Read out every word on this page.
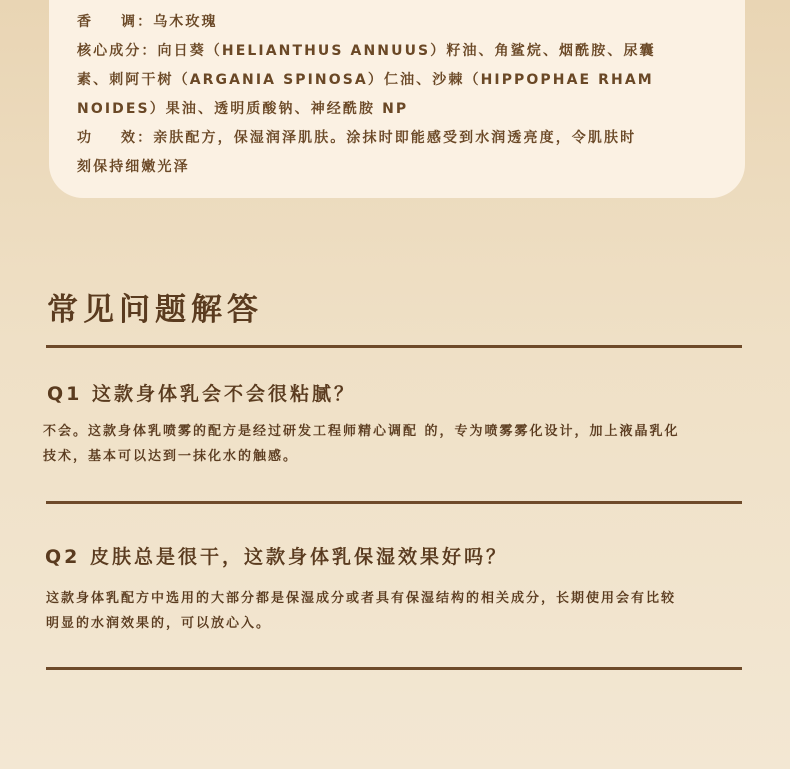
香    调：乌木玫瑰
核心成分：向日葵（HELIANTHUS ANNUUS）籽油、角鲨烷、烟酰胺、尿囊
素、刺阿干树（ARGANIA SPINOSA）仁油、沙棘（HIPPOPHAE RHAM
NOIDES）果油、透明质酸钠、神经酰胺 NP
功    效：亲肤配方，保湿润泽肌肤。涂抹时即能感受到水润透亮度，令肌肤时
刻保持细嫩光泽
常见问题解答
Q1 这款身体乳会不会很粘腻？
不会。这款身体乳喷雾的配方是经过研发工程师精心调配 的，专为喷雾雾化设计，加上液晶乳化
技术，基本可以达到一抹化水的触感。
Q2 皮肤总是很干，这款身体乳保湿效果好吗？
这款身体乳配方中选用的大部分都是保湿成分或者具有保湿结构的相关成分，长期使用会有比较
明显的水润效果的，可以放心入。
